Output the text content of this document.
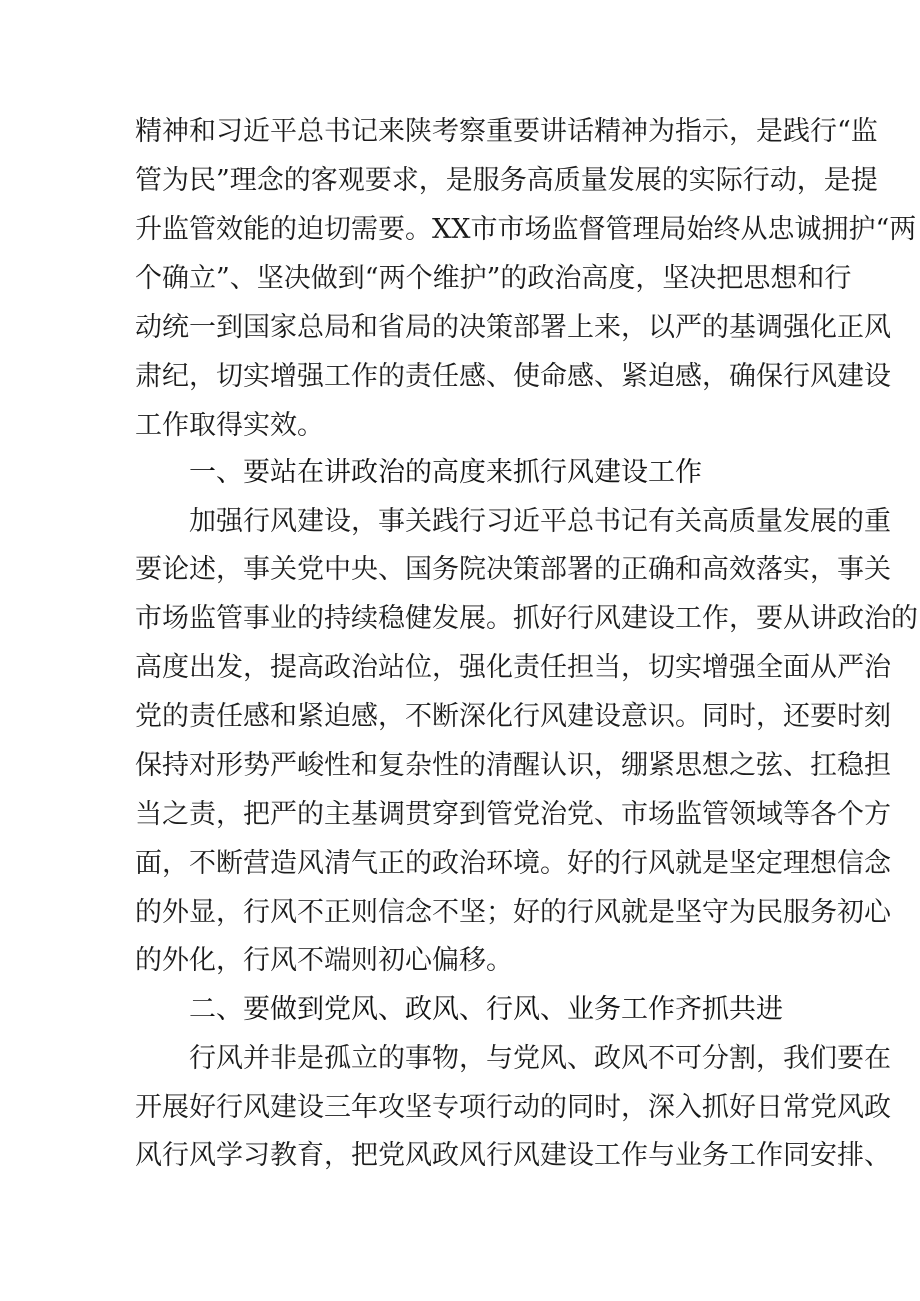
精神和习近平总书记来陕考察重要讲话精神为指示，是践行“监
管为民”理念的客观要求，是服务高质量发展的实际行动，是提
升监管效能的迫切需要。XX市市场监督管理局始终从忠诚拥护“两
个确立”、坚决做到“两个维护”的政治高度，坚决把思想和行
动统一到国家总局和省局的决策部署上来，以严的基调强化正风
肃纪，切实增强工作的责任感、使命感、紧迫感，确保行风建设
工作取得实效。
一、要站在讲政治的高度来抓行风建设工作
加强行风建设，事关践行习近平总书记有关高质量发展的重
要论述，事关党中央、国务院决策部署的正确和高效落实，事关
市场监管事业的持续稳健发展。抓好行风建设工作，要从讲政治的
高度出发，提高政治站位，强化责任担当，切实增强全面从严治
党的责任感和紧迫感，不断深化行风建设意识。同时，还要时刻
保持对形势严峻性和复杂性的清醒认识，绷紧思想之弦、扛稳担
当之责，把严的主基调贯穿到管党治党、市场监管领域等各个方
面，不断营造风清气正的政治环境。好的行风就是坚定理想信念
的外显，行风不正则信念不坚；好的行风就是坚守为民服务初心
的外化，行风不端则初心偏移。
二、要做到党风、政风、行风、业务工作齐抓共进
行风并非是孤立的事物，与党风、政风不可分割，我们要在
开展好行风建设三年攻坚专项行动的同时，深入抓好日常党风政
风行风学习教育，把党风政风行风建设工作与业务工作同安排、
